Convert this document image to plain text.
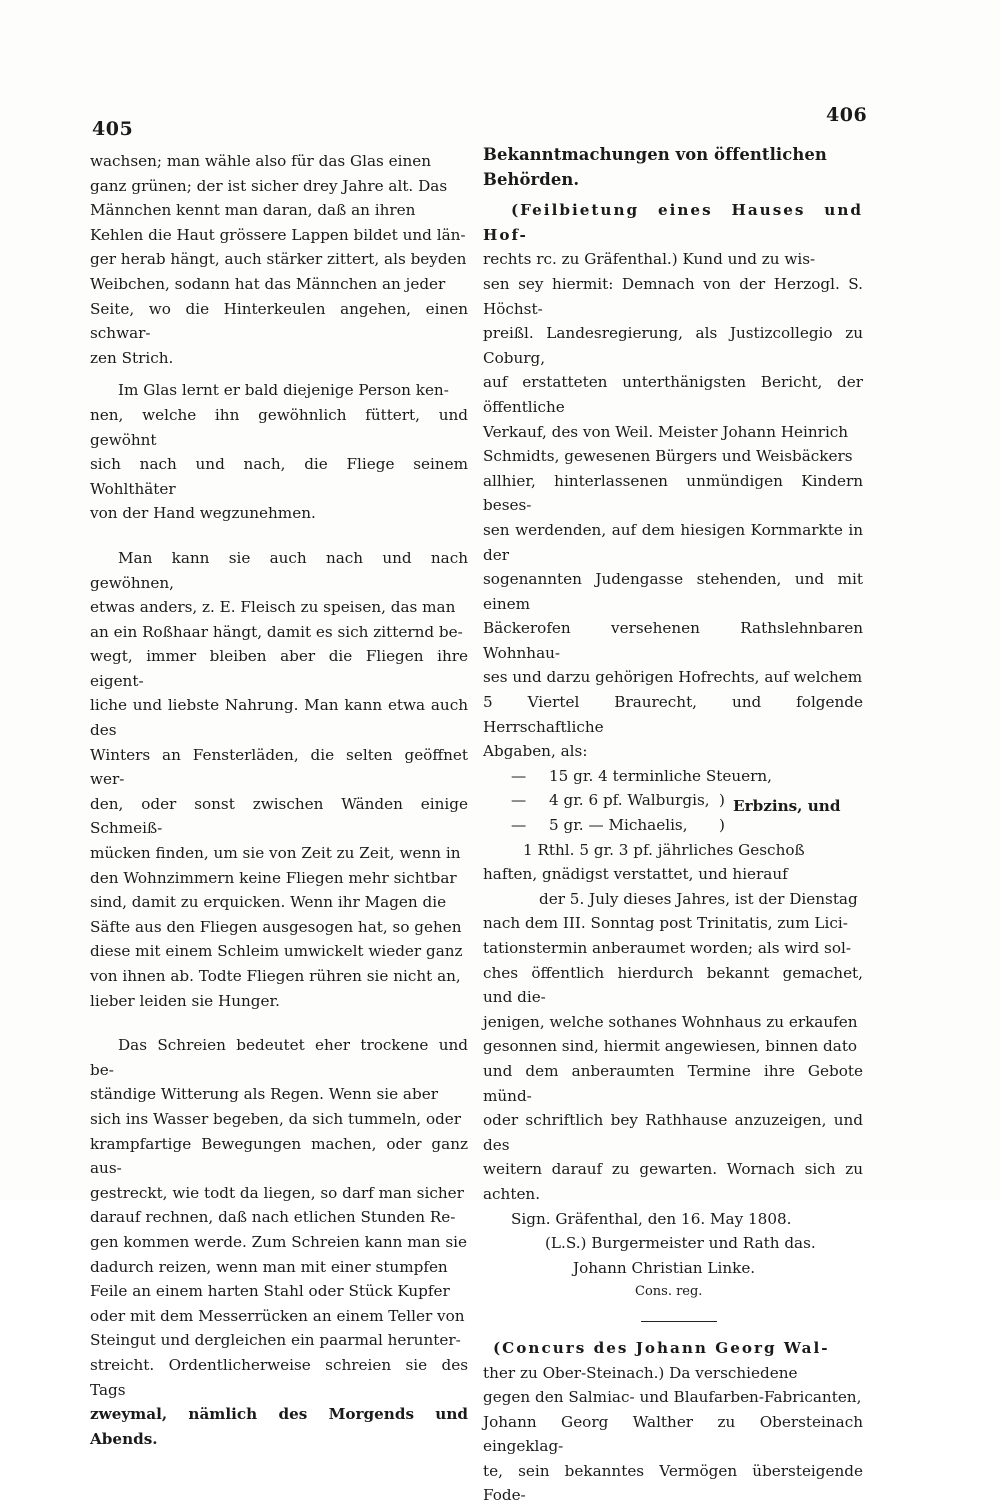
405
406

wachsen; man wähle also für das Glas einen

ganz grünen; der ist sicher drey Jahre alt. Das

Männchen kennt man daran, daß an ihren

Kehlen die Haut grössere Lappen bildet und län-

ger herab hängt, auch stärker zittert, als beyden

Weibchen, sodann hat das Männchen an jeder

Seite, wo die Hinterkeulen angehen, einen schwar-

zen Strich.

Im Glas lernt er bald diejenige Person ken-

nen, welche ihn gewöhnlich füttert, und gewöhnt

sich nach und nach, die Fliege seinem Wohlthäter

von der Hand wegzunehmen.

Man kann sie auch nach und nach gewöhnen,

etwas anders, z. E. Fleisch zu speisen, das man

an ein Roßhaar hängt, damit es sich zitternd be-

wegt, immer bleiben aber die Fliegen ihre eigent-

liche und liebste Nahrung. Man kann etwa auch des

Winters an Fensterläden, die selten geöffnet wer-

den, oder sonst zwischen Wänden einige Schmeiß-

mücken finden, um sie von Zeit zu Zeit, wenn in

den Wohnzimmern keine Fliegen mehr sichtbar

sind, damit zu erquicken. Wenn ihr Magen die

Säfte aus den Fliegen ausgesogen hat, so gehen

diese mit einem Schleim umwickelt wieder ganz

von ihnen ab. Todte Fliegen rühren sie nicht an,

lieber leiden sie Hunger.

Das Schreien bedeutet eher trockene und be-

ständige Witterung als Regen. Wenn sie aber

sich ins Wasser begeben, da sich tummeln, oder

krampfartige Bewegungen machen, oder ganz aus-

gestreckt, wie todt da liegen, so darf man sicher

darauf rechnen, daß nach etlichen Stunden Re-

gen kommen werde. Zum Schreien kann man sie

dadurch reizen, wenn man mit einer stumpfen

Feile an einem harten Stahl oder Stück Kupfer

oder mit dem Messerrücken an einem Teller von

Steingut und dergleichen ein paarmal herunter-

streicht. Ordentlicherweise schreien sie des Tags

zweymal, nämlich des Morgends und Abends.

Bekanntmachungen von öffentlichen Behörden.

(Feilbietung eines Hauses und Hof-

rechts rc. zu Gräfenthal.) Kund und zu wis-

sen sey hiermit: Demnach von der Herzogl. S. Höchst-

preißl. Landesregierung, als Justizcollegio zu Coburg,

auf erstatteten unterthänigsten Bericht, der öffentliche

Verkauf, des von Weil. Meister Johann Heinrich

Schmidts, gewesenen Bürgers und Weisbäckers

allhier, hinterlassenen unmündigen Kindern beses-

sen werdenden, auf dem hiesigen Kornmarkte in der

sogenannten Judengasse stehenden, und mit einem

Bäckerofen versehenen Rathslehnbaren Wohnhau-

ses und darzu gehörigen Hofrechts, auf welchem

5 Viertel Braurecht, und folgende Herrschaftliche

Abgaben, als:

— 15 gr. 4 terminliche Steuern,
— 4 gr. 6 pf. Walburgis, ) Erbzins, und
— 5 gr. — Michaelis, )
1 Rthl. 5 gr. 3 pf. jährliches Geschoß

haften, gnädigst verstattet, und hierauf

der 5. July dieses Jahres, ist der Dienstag

nach dem III. Sonntag post Trinitatis, zum Lici-

tationstermin anberaumet worden; als wird sol-

ches öffentlich hierdurch bekannt gemachet, und die-

jenigen, welche sothanes Wohnhaus zu erkaufen

gesonnen sind, hiermit angewiesen, binnen dato

und dem anberaumten Termine ihre Gebote münd-

oder schriftlich bey Rathhause anzuzeigen, und des

weitern darauf zu gewarten. Wornach sich zu achten.

Sign. Gräfenthal, den 16. May 1808.

(L.S.) Burgermeister und Rath das.

Johann Christian Linke.

Cons. reg.

(Concurs des Johann Georg Wal-

ther zu Ober-Steinach.) Da verschiedene

gegen den Salmiac- und Blaufarben-Fabricanten,

Johann Georg Walther zu Obersteinach eingeklag-

te, sein bekanntes Vermögen übersteigende Fode-
